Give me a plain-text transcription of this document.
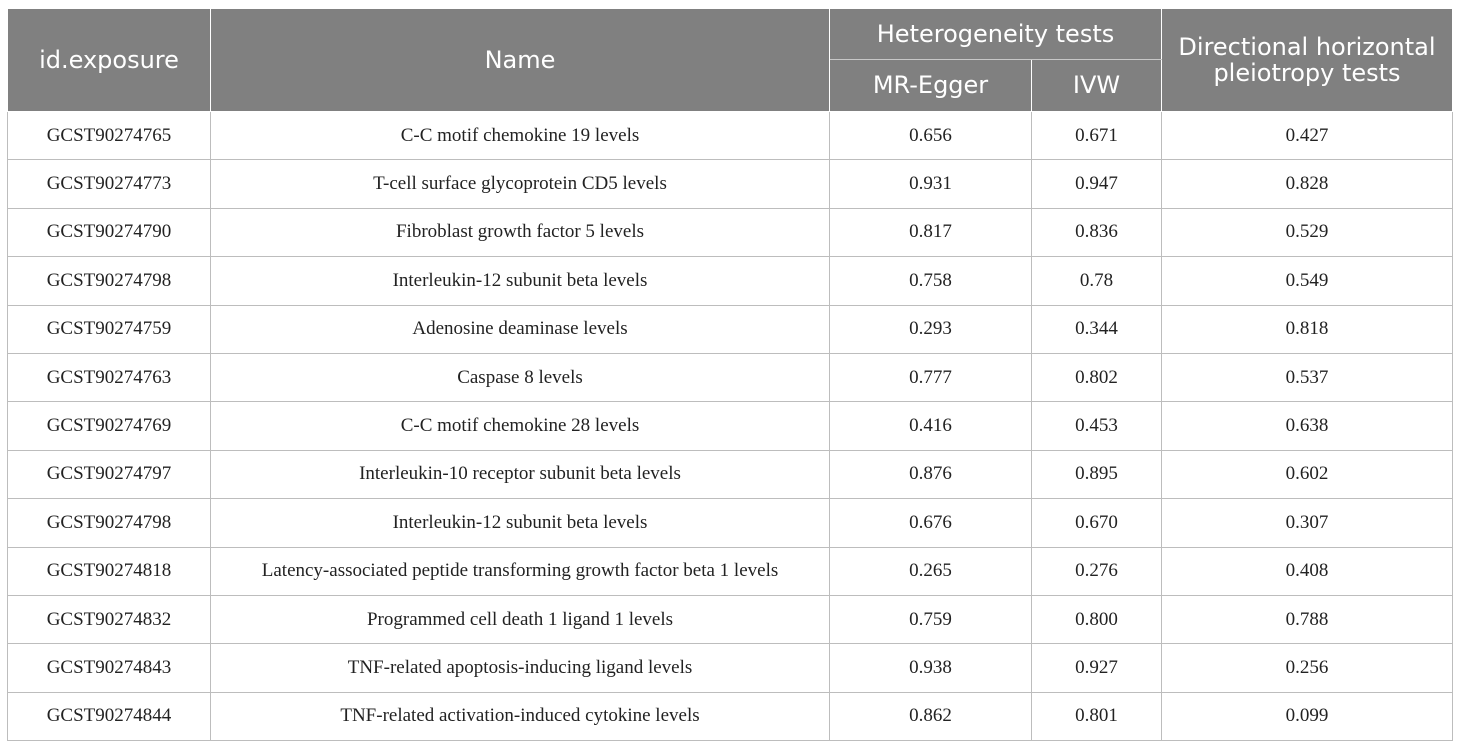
id.exposure	Name	Heterogeneity tests		Directional horizontal pleiotropy tests
		MR-Egger	IVW	
GCST90274765	C-C motif chemokine 19 levels	0.656	0.671	0.427
GCST90274773	T-cell surface glycoprotein CD5 levels	0.931	0.947	0.828
GCST90274790	Fibroblast growth factor 5 levels	0.817	0.836	0.529
GCST90274798	Interleukin-12 subunit beta levels	0.758	0.78	0.549
GCST90274759	Adenosine deaminase levels	0.293	0.344	0.818
GCST90274763	Caspase 8 levels	0.777	0.802	0.537
GCST90274769	C-C motif chemokine 28 levels	0.416	0.453	0.638
GCST90274797	Interleukin-10 receptor subunit beta levels	0.876	0.895	0.602
GCST90274798	Interleukin-12 subunit beta levels	0.676	0.670	0.307
GCST90274818	Latency-associated peptide transforming growth factor beta 1 levels	0.265	0.276	0.408
GCST90274832	Programmed cell death 1 ligand 1 levels	0.759	0.800	0.788
GCST90274843	TNF-related apoptosis-inducing ligand levels	0.938	0.927	0.256
GCST90274844	TNF-related activation-induced cytokine levels	0.862	0.801	0.099
